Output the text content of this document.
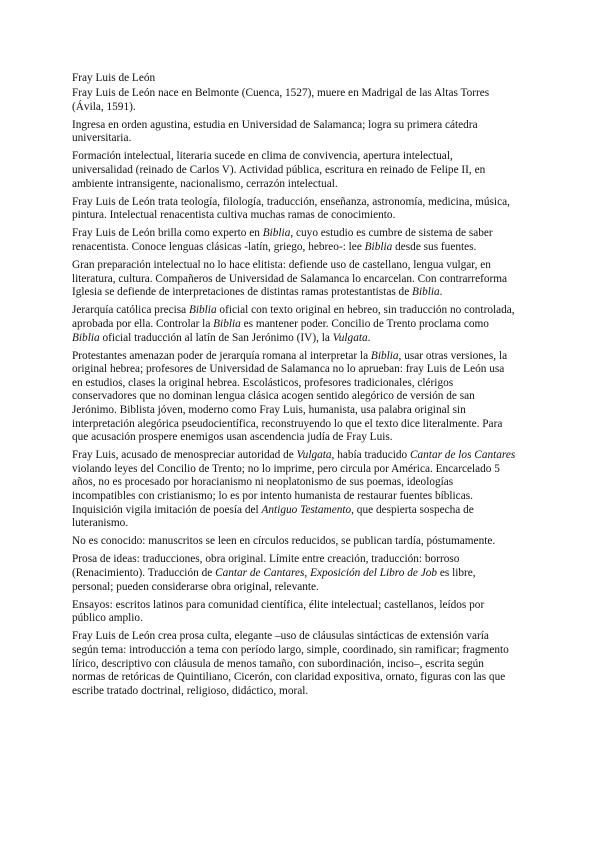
Fray Luis de León

Fray Luis de León nace en Belmonte (Cuenca, 1527), muere en Madrigal de las Altas Torres (Ávila, 1591).

Ingresa en orden agustina, estudia en Universidad de Salamanca; logra su primera cátedra universitaria.

Formación intelectual, literaria sucede en clima de convivencia, apertura intelectual, universalidad (reinado de Carlos V). Actividad pública, escritura en reinado de Felipe II, en ambiente intransigente, nacionalismo, cerrazón intelectual.

Fray Luis de León trata teología, filología, traducción, enseñanza, astronomía, medicina, música, pintura. Intelectual renacentista cultiva muchas ramas de conocimiento.

Fray Luis de León brilla como experto en Biblia, cuyo estudio es cumbre de sistema de saber renacentista. Conoce lenguas clásicas -latín, griego, hebreo-: lee Biblia desde sus fuentes.

Gran preparación intelectual no lo hace elitista: defiende uso de castellano, lengua vulgar, en literatura, cultura. Compañeros de Universidad de Salamanca lo encarcelan. Con contrarreforma Iglesia se defiende de interpretaciones de distintas ramas protestantistas de Biblia.

Jerarquía católica precisa Biblia oficial con texto original en hebreo, sin traducción no controlada, aprobada por ella. Controlar la Biblia es mantener poder. Concilio de Trento proclama como Biblia oficial traducción al latín de San Jerónimo (IV), la Vulgata.

Protestantes amenazan poder de jerarquía romana al interpretar la Biblia, usar otras versiones, la original hebrea; profesores de Universidad de Salamanca no lo aprueban: fray Luis de León usa en estudios, clases la original hebrea. Escolásticos, profesores tradicionales, clérigos conservadores que no dominan lengua clásica acogen sentido alegórico de versión de san Jerónimo. Biblista jóven, moderno como Fray Luis, humanista, usa palabra original sin interpretación alegórica pseudocientífica, reconstruyendo lo que el texto dice literalmente. Para que acusación prospere enemigos usan ascendencia judía de Fray Luis.

Fray Luis, acusado de menospreciar autoridad de Vulgata, había traducido Cantar de los Cantares violando leyes del Concilio de Trento; no lo imprime, pero circula por América. Encarcelado 5 años, no es procesado por horacianismo ni neoplatonismo de sus poemas, ideologías incompatibles con cristianismo; lo es por intento humanista de restaurar fuentes bíblicas. Inquisición vigila imitación de poesía del Antiguo Testamento, que despierta sospecha de luteranismo.

No es conocido: manuscritos se leen en círculos reducidos, se publican tardía, póstumamente.

Prosa de ideas: traducciones, obra original. Límite entre creación, traducción: borroso (Renacimiento). Traducción de Cantar de Cantares, Exposición del Libro de Job es libre, personal; pueden considerarse obra original, relevante.

Ensayos: escritos latinos para comunidad científica, élite intelectual; castellanos, leídos por público amplio.

Fray Luis de León crea prosa culta, elegante –uso de cláusulas sintácticas de extensión varía según tema: introducción a tema con período largo, simple, coordinado, sin ramificar; fragmento lírico, descriptivo con cláusula de menos tamaño, con subordinación, inciso–, escrita según normas de retóricas de Quintiliano, Cicerón, con claridad expositiva, ornato, figuras con las que escribe tratado doctrinal, religioso, didáctico, moral.
